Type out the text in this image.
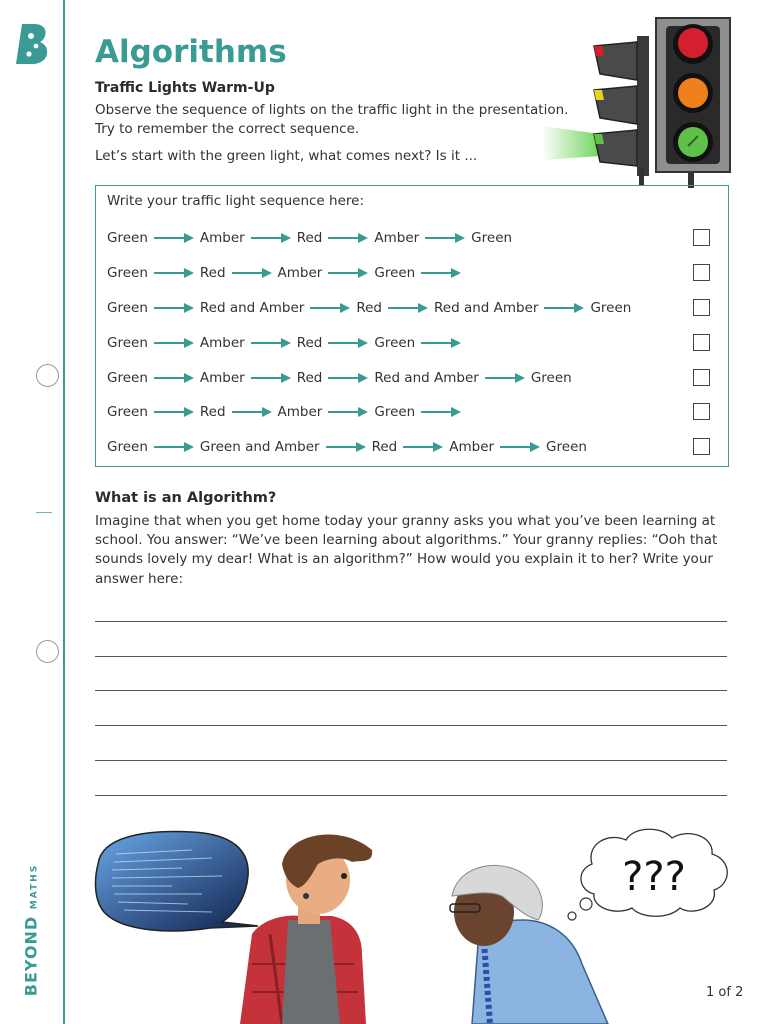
BEYOND MATHS
Algorithms
Traffic Lights Warm-Up
Observe the sequence of lights on the traffic light in the presentation.
Try to remember the correct sequence.
Let’s start with the green light, what comes next? Is it ...
Write your traffic light sequence here:
Green	Amber	Red	Amber	Green
Green	Red	Amber	Green
Green	Red and Amber	Red	Red and Amber	Green
Green	Amber	Red	Green
Green	Amber	Red	Red and Amber	Green
Green	Red	Amber	Green
Green	Green and Amber	Red	Amber	Green
What is an Algorithm?
Imagine that when you get home today your granny asks you what you’ve been learning at
school. You answer: “We’ve been learning about algorithms.” Your granny replies: “Ooh that
sounds lovely my dear! What is an algorithm?” How would you explain it to her? Write your
answer here:
???
1 of 2
